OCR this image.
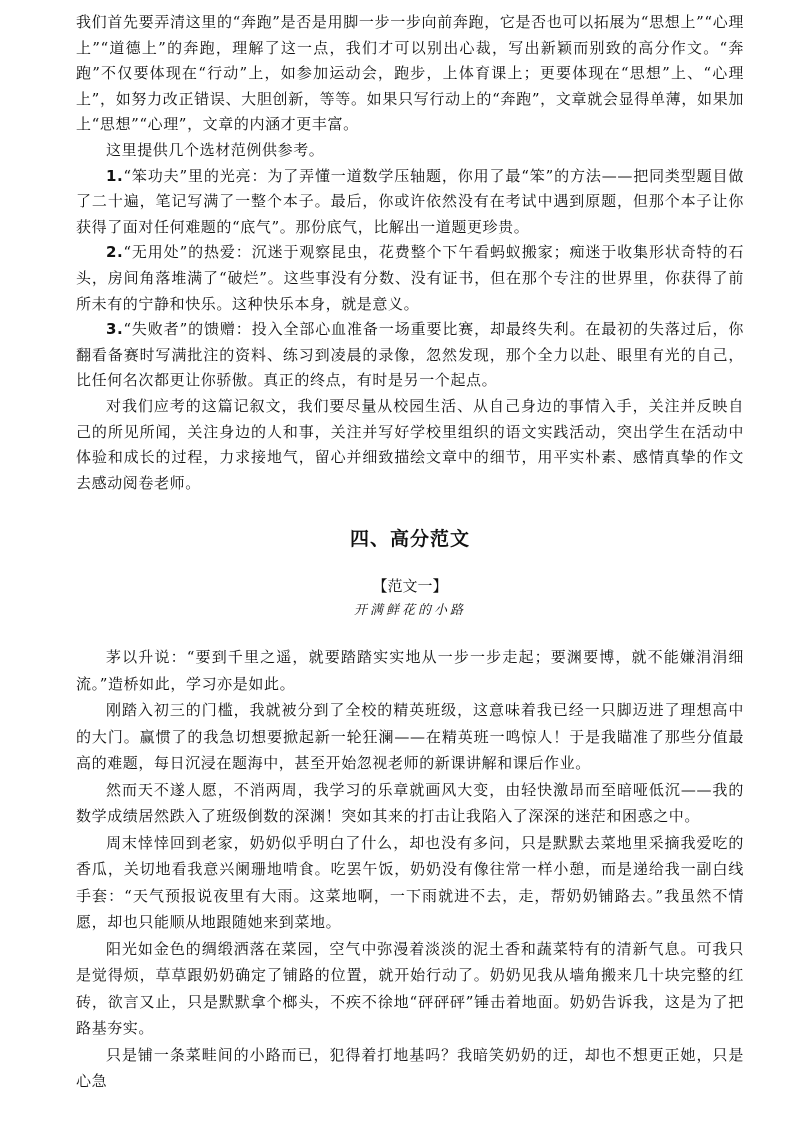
我们首先要弄清这里的“奔跑”是否是用脚一步一步向前奔跑，它是否也可以拓展为“思想上”“心理上”“道德上”的奔跑，理解了这一点，我们才可以别出心裁，写出新颖而别致的高分作文。“奔跑”不仅要体现在“行动”上，如参加运动会，跑步，上体育课上；更要体现在“思想”上、“心理上”，如努力改正错误、大胆创新，等等。如果只写行动上的“奔跑”，文章就会显得单薄，如果加上“思想”“心理”，文章的内涵才更丰富。

这里提供几个选材范例供参考。

1.“笨功夫”里的光亮：为了弄懂一道数学压轴题，你用了最“笨”的方法——把同类型题目做了二十遍，笔记写满了一整个本子。最后，你或许依然没有在考试中遇到原题，但那个本子让你获得了面对任何难题的“底气”。那份底气，比解出一道题更珍贵。

2.“无用处”的热爱：沉迷于观察昆虫，花费整个下午看蚂蚁搬家；痴迷于收集形状奇特的石头，房间角落堆满了“破烂”。这些事没有分数、没有证书，但在那个专注的世界里，你获得了前所未有的宁静和快乐。这种快乐本身，就是意义。

3.“失败者”的馈赠：投入全部心血准备一场重要比赛，却最终失利。在最初的失落过后，你翻看备赛时写满批注的资料、练习到凌晨的录像，忽然发现，那个全力以赴、眼里有光的自己，比任何名次都更让你骄傲。真正的终点，有时是另一个起点。

对我们应考的这篇记叙文，我们要尽量从校园生活、从自己身边的事情入手，关注并反映自己的所见所闻，关注身边的人和事，关注并写好学校里组织的语文实践活动，突出学生在活动中体验和成长的过程，力求接地气，留心并细致描绘文章中的细节，用平实朴素、感情真挚的作文去感动阅卷老师。

四、高分范文
【范文一】
开满鲜花的小路

茅以升说：“要到千里之遥，就要踏踏实实地从一步一步走起；要渊要博，就不能嫌涓涓细流。”造桥如此，学习亦是如此。

刚踏入初三的门槛，我就被分到了全校的精英班级，这意味着我已经一只脚迈进了理想高中的大门。赢惯了的我急切想要掀起新一轮狂澜——在精英班一鸣惊人！于是我瞄准了那些分值最高的难题，每日沉浸在题海中，甚至开始忽视老师的新课讲解和课后作业。

然而天不遂人愿，不消两周，我学习的乐章就画风大变，由轻快激昂而至暗哑低沉——我的数学成绩居然跌入了班级倒数的深渊！突如其来的打击让我陷入了深深的迷茫和困惑之中。

周末悻悻回到老家，奶奶似乎明白了什么，却也没有多问，只是默默去菜地里采摘我爱吃的香瓜，关切地看我意兴阑珊地啃食。吃罢午饭，奶奶没有像往常一样小憩，而是递给我一副白线手套：“天气预报说夜里有大雨。这菜地啊，一下雨就进不去，走，帮奶奶铺路去。”我虽然不情愿，却也只能顺从地跟随她来到菜地。

阳光如金色的绸缎洒落在菜园，空气中弥漫着淡淡的泥土香和蔬菜特有的清新气息。可我只是觉得烦，草草跟奶奶确定了铺路的位置，就开始行动了。奶奶见我从墙角搬来几十块完整的红砖，欲言又止，只是默默拿个榔头，不疾不徐地“砰砰砰”锤击着地面。奶奶告诉我，这是为了把路基夯实。

只是铺一条菜畦间的小路而已，犯得着打地基吗？我暗笑奶奶的迂，却也不想更正她，只是心急
